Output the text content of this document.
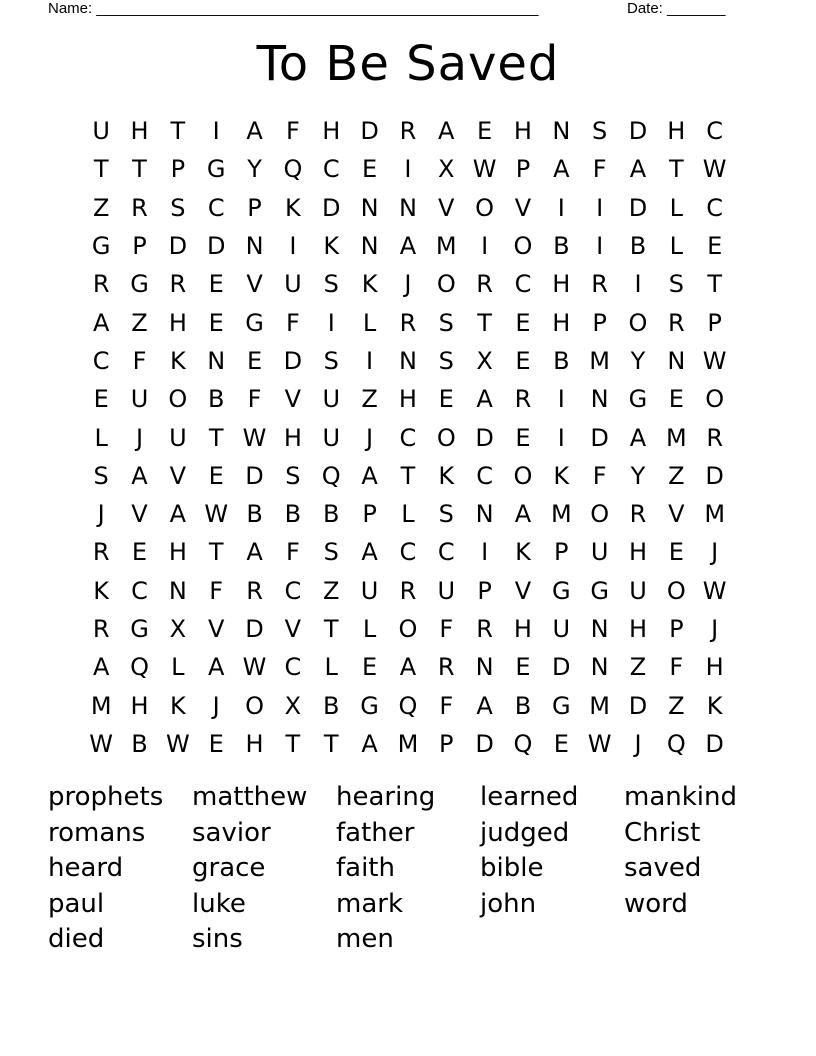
Name: _____________________________________________________	Date: _______
To Be Saved
U H T	I	A F H D R A E H N S D H C
T T P G Y Q C E	I	X W P A F A T W
Z R S C P K D N N V O V	I	I	D L C
G P D D N	I	K N A M	I	O B	I	B L	E
R G R E V U S K	J	O R C H R	I	S T
A Z H E G F	I	L R S T E H P O R P
C F K N E D S	I	N S X E B M Y N W
E U O B F V U Z H E A R	I	N G E O
L	J	U T W H U	J	C O D E	I	D A M R
S A V E D S Q A T K C O K F	Y Z D
J	V A W B B B P	L	S N A M O R V M
R E H T A F S A C C	I	K P U H E	J
K C N F R C Z U R U P V G G U O W
R G X V D V T	L O F R H U N H P	J
A Q L A W C L	E A R N E D N Z F H
M H K	J	O X B G Q F A B G M D Z K
W B W E H T T A M P D Q E W J	Q D
prophets	matthew	hearing	learned	mankind
romans	savior	father	judged	Christ
heard	grace	faith	bible	saved
paul	luke	mark	john	word
died	sins	men
